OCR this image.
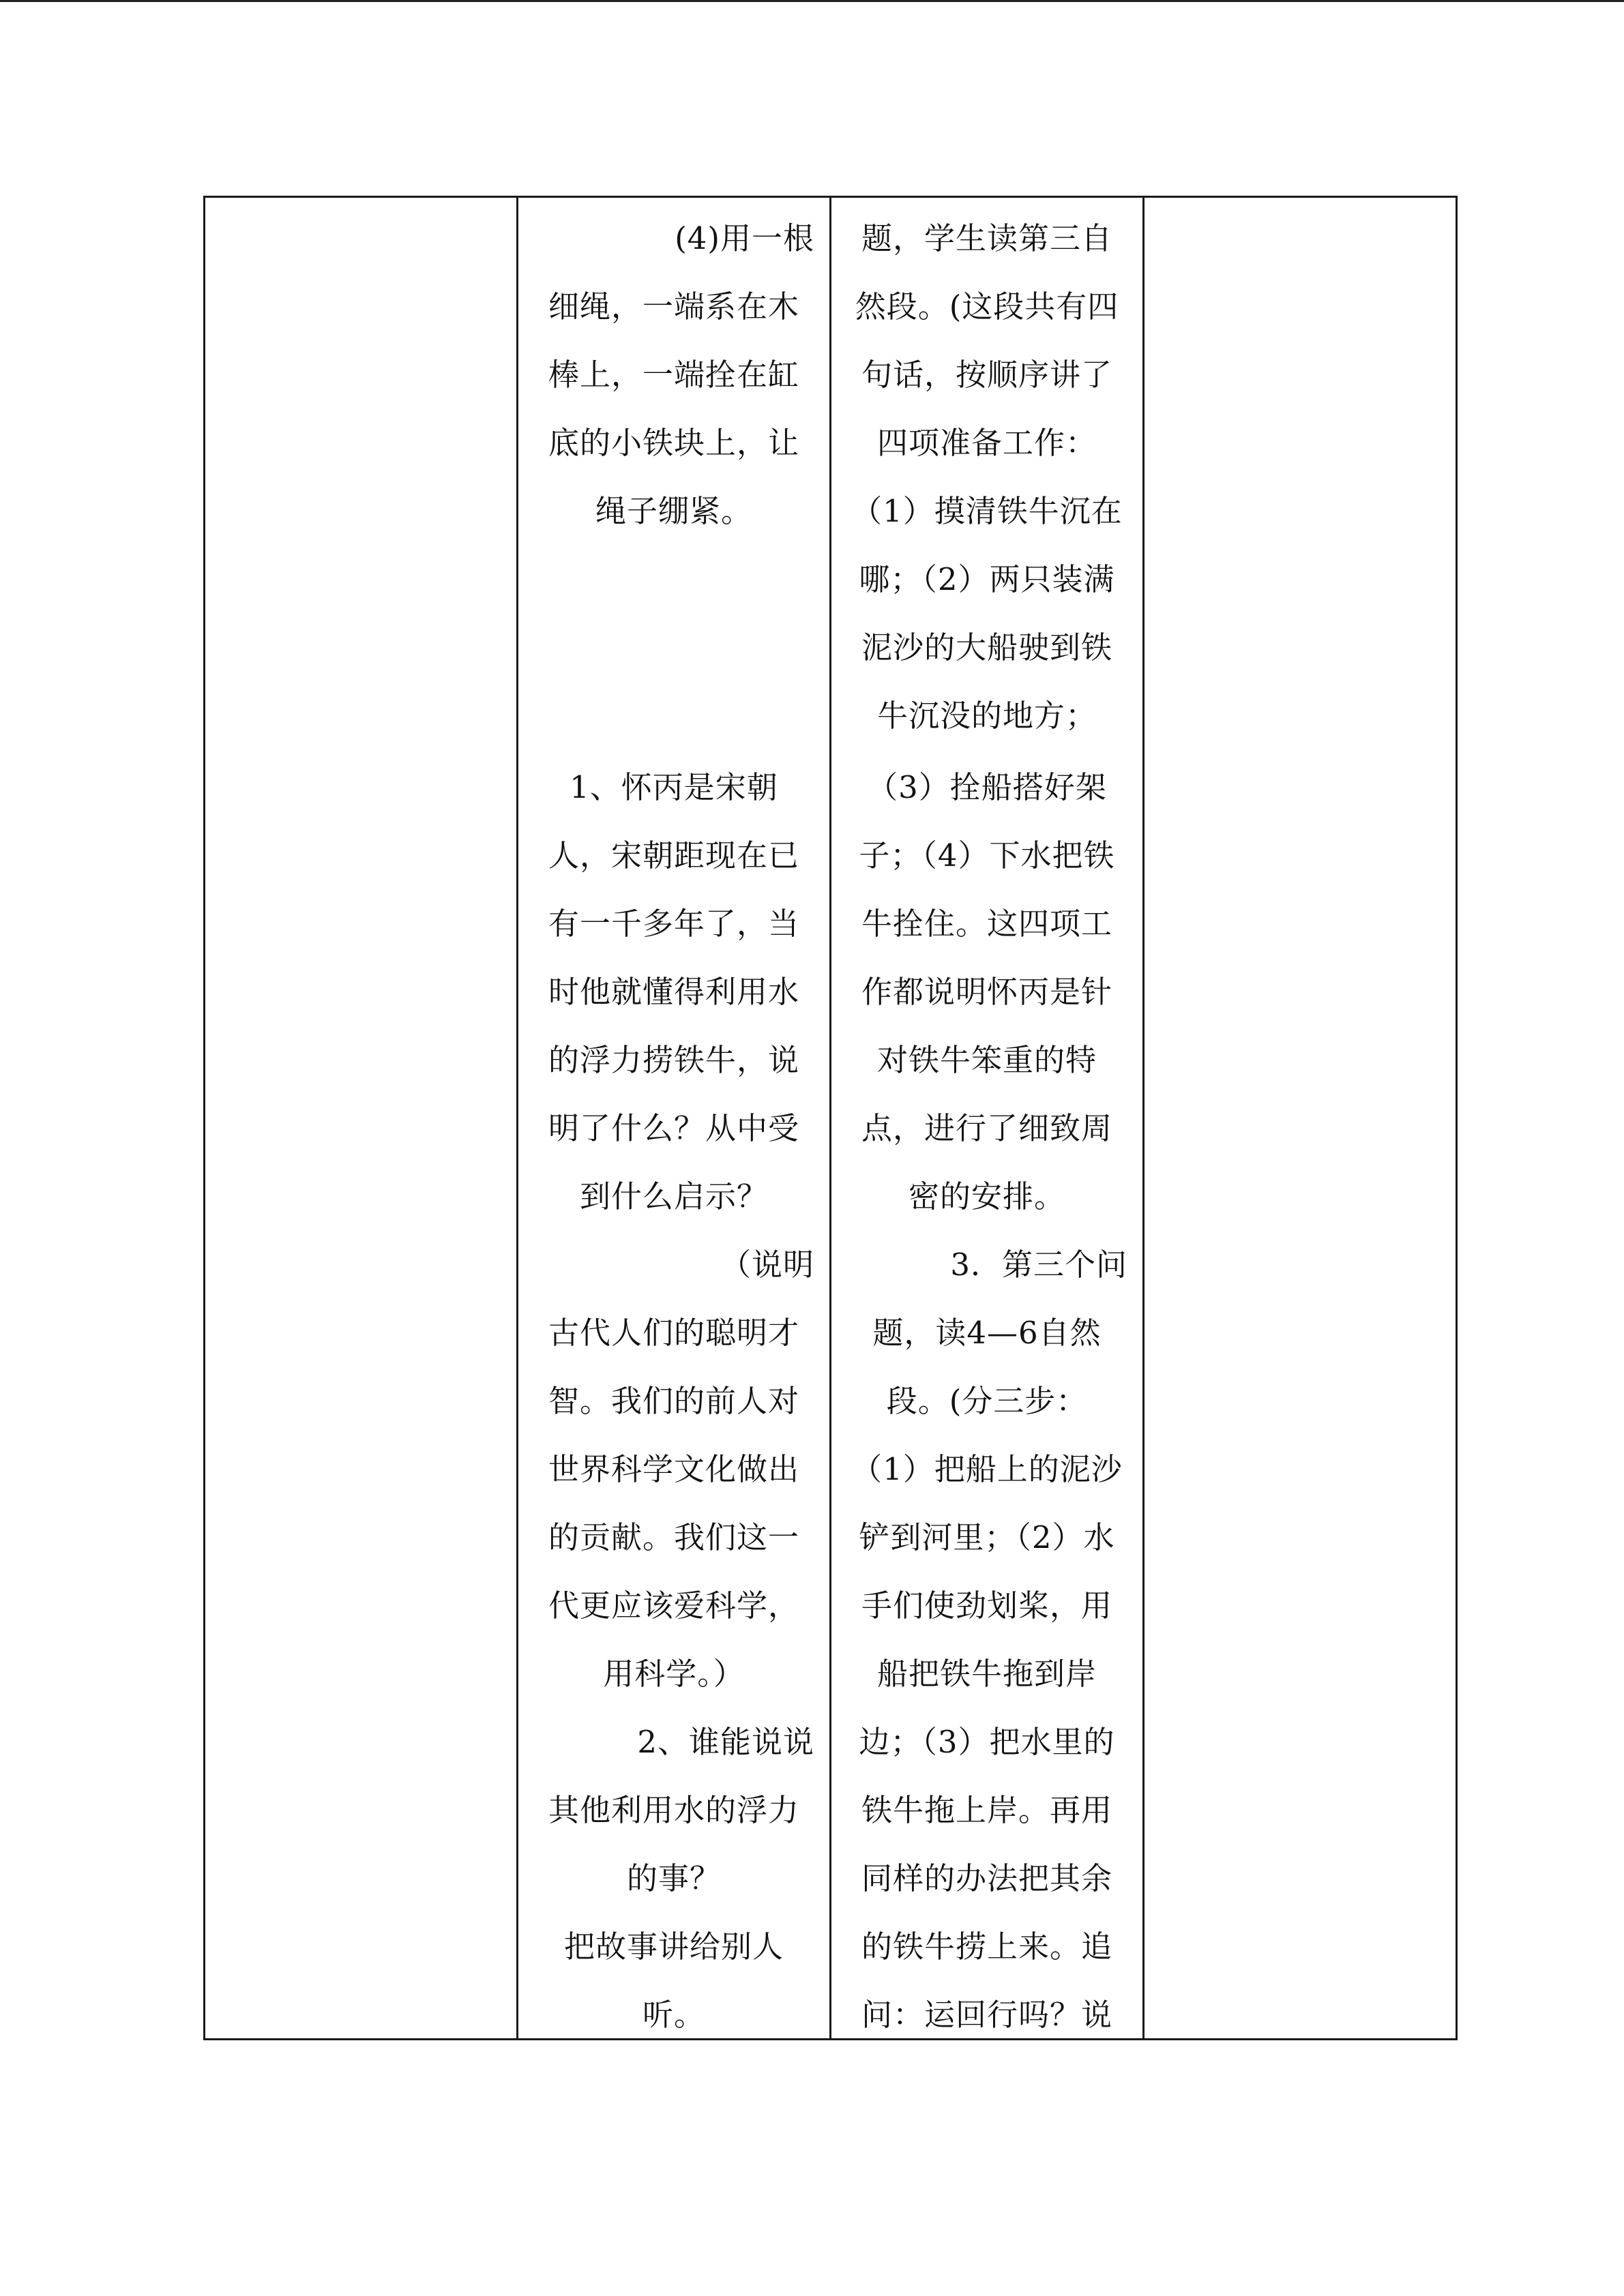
(4)用一根
细绳，一端系在木
棒上，一端拴在缸
底的小铁块上，让
绳子绷紧。
1、怀丙是宋朝
人，宋朝距现在已
有一千多年了，当
时他就懂得利用水
的浮力捞铁牛，说
明了什么？从中受
到什么启示？
（说明
古代人们的聪明才
智。我们的前人对
世界科学文化做出
的贡献。我们这一
代更应该爱科学，
用科学。）
2、谁能说说
其他利用水的浮力
的事？
把故事讲给别人
听。

题，学生读第三自
然段。(这段共有四
句话，按顺序讲了
四项准备工作：
（1）摸清铁牛沉在
哪；（2）两只装满
泥沙的大船驶到铁
牛沉没的地方；
（3）拴船搭好架
子；（4）下水把铁
牛拴住。这四项工
作都说明怀丙是针
对铁牛笨重的特
点，进行了细致周
密的安排。
3．第三个问
题，读4—6自然
段。(分三步：
（1）把船上的泥沙
铲到河里；（2）水
手们使劲划桨，用
船把铁牛拖到岸
边；（3）把水里的
铁牛拖上岸。再用
同样的办法把其余
的铁牛捞上来。追
问：运回行吗？说
